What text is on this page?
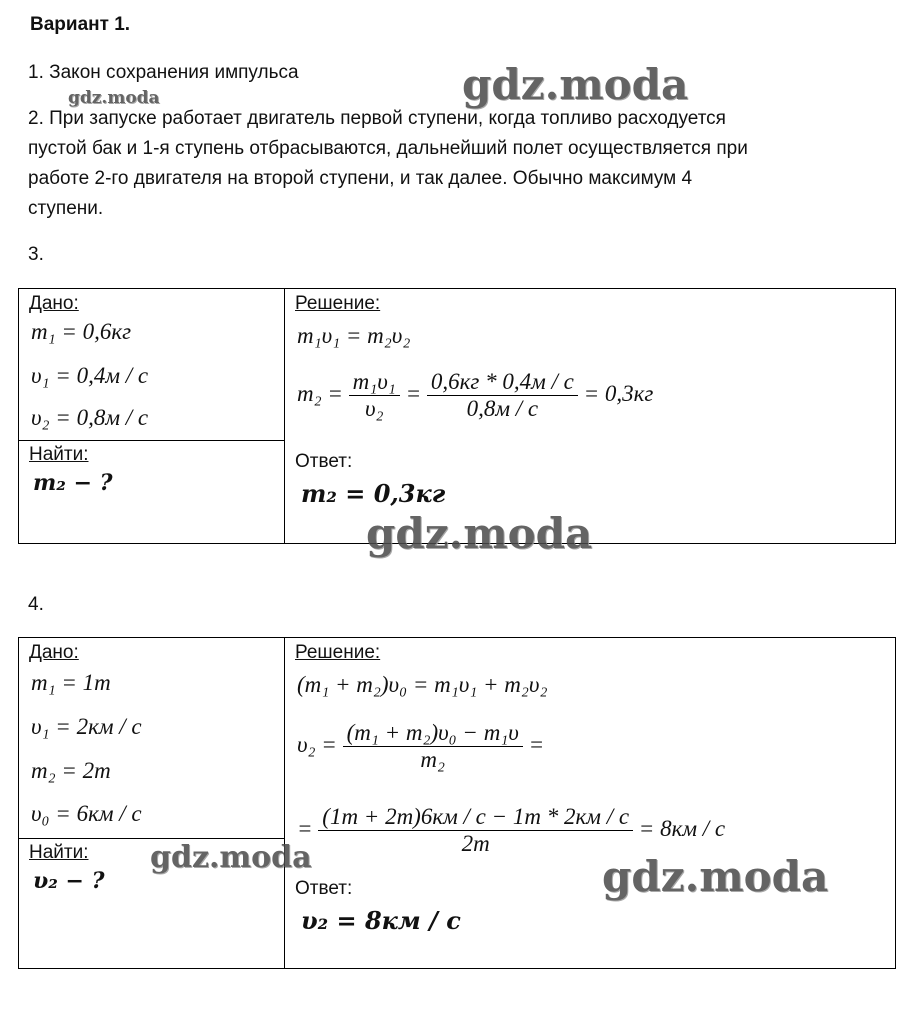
Вариант 1.
1. Закон сохранения импульса
2. При запуске работает двигатель первой ступени, когда топливо расходуется
пустой бак и 1-я ступень отбрасываются, дальнейший полет осуществляется при
работе 2-го двигателя на второй ступени, и так далее. Обычно максимум 4
ступени.
3.
Дано:
m₁ = 0,6кг
υ₁ = 0,4м / с
υ₂ = 0,8м / с
Найти:
m₂ − ?
Решение:
m₁υ₁ = m₂υ₂
$m_2 = \frac{\text{m₁υ₁}}{\text{υ₂}} = \frac{0,6кг * 0,4м / с}{0,8м / с} = 0,3кг$
Ответ:
m₂ = 0,3кг
4.
Дано:
m₁ = 1т
υ₁ = 2км / с
m₂ = 2т
υ₀ = 6км / с
Найти:
υ₂ − ?
Решение:
(m₁ + m₂)υ₀ = m₁υ₁ + m₂υ₂
$\upsilon_2 = \frac{\text{(m₁ + m₂)υ₀ − m₁υ}}{\text{m₂}}$ =
= $\frac{(1т + 2т)6км / с - 1т * 2км / с}{2т} = 8км / с$
Ответ:
υ₂ = 8км / с
gdz.moda	gdz.moda
gdz.moda
gdz.moda	gdz.moda
